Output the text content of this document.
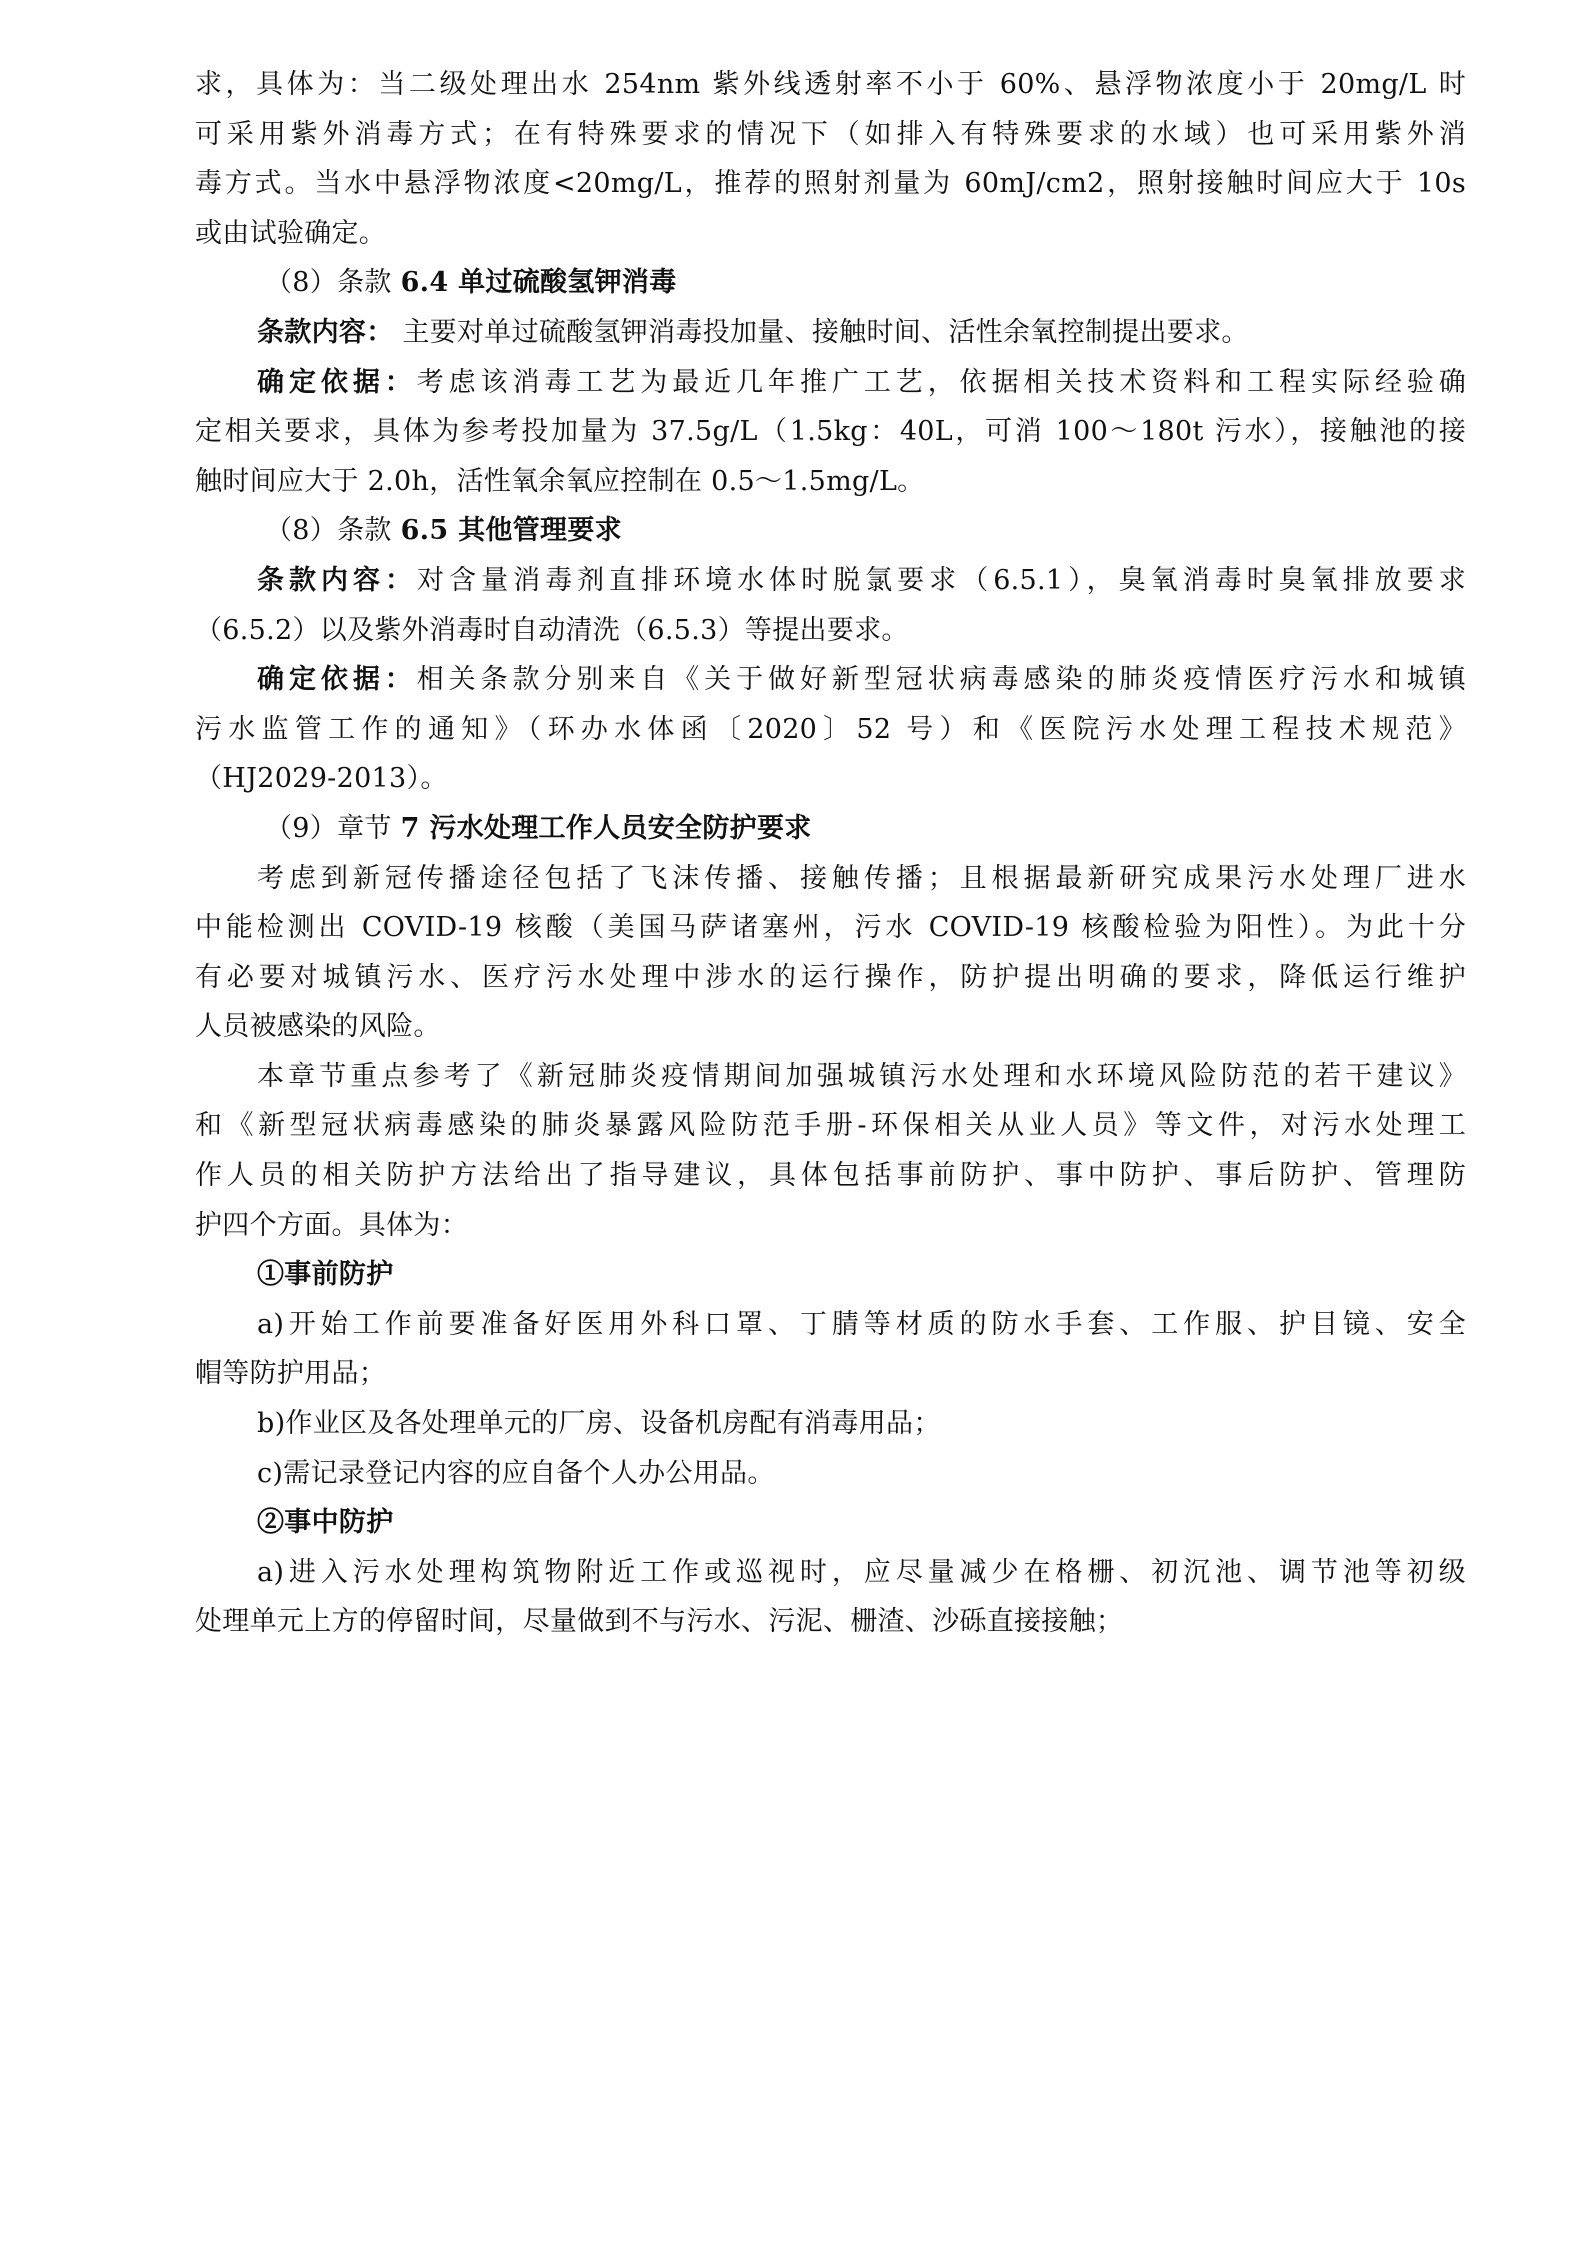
求，具体为：当二级处理出水 254nm 紫外线透射率不小于 60%、悬浮物浓度小于 20mg/L 时
可采用紫外消毒方式；在有特殊要求的情况下（如排入有特殊要求的水域）也可采用紫外消
毒方式。当水中悬浮物浓度<20mg/L，推荐的照射剂量为 60mJ/cm2，照射接触时间应大于 10s
或由试验确定。
（8）条款 6.4 单过硫酸氢钾消毒
条款内容： 主要对单过硫酸氢钾消毒投加量、接触时间、活性余氧控制提出要求。
确定依据：考虑该消毒工艺为最近几年推广工艺，依据相关技术资料和工程实际经验确
定相关要求，具体为参考投加量为 37.5g/L（1.5kg：40L，可消 100～180t 污水），接触池的接
触时间应大于 2.0h，活性氧余氧应控制在 0.5～1.5mg/L。
（8）条款 6.5 其他管理要求
条款内容：对含量消毒剂直排环境水体时脱氯要求（6.5.1），臭氧消毒时臭氧排放要求
（6.5.2）以及紫外消毒时自动清洗（6.5.3）等提出要求。
确定依据：相关条款分别来自《关于做好新型冠状病毒感染的肺炎疫情医疗污水和城镇
污水监管工作的通知》（环办水体函〔2020〕52 号）和《医院污水处理工程技术规范》
（HJ2029-2013）。
（9）章节 7 污水处理工作人员安全防护要求
考虑到新冠传播途径包括了飞沫传播、接触传播；且根据最新研究成果污水处理厂进水
中能检测出 COVID-19 核酸（美国马萨诸塞州，污水 COVID-19 核酸检验为阳性）。为此十分
有必要对城镇污水、医疗污水处理中涉水的运行操作，防护提出明确的要求，降低运行维护
人员被感染的风险。
本章节重点参考了《新冠肺炎疫情期间加强城镇污水处理和水环境风险防范的若干建议》
和《新型冠状病毒感染的肺炎暴露风险防范手册-环保相关从业人员》等文件，对污水处理工
作人员的相关防护方法给出了指导建议，具体包括事前防护、事中防护、事后防护、管理防
护四个方面。具体为：
①事前防护
a)开始工作前要准备好医用外科口罩、丁腈等材质的防水手套、工作服、护目镜、安全
帽等防护用品；
b)作业区及各处理单元的厂房、设备机房配有消毒用品；
c)需记录登记内容的应自备个人办公用品。
②事中防护
a)进入污水处理构筑物附近工作或巡视时，应尽量减少在格栅、初沉池、调节池等初级
处理单元上方的停留时间，尽量做到不与污水、污泥、栅渣、沙砾直接接触；
